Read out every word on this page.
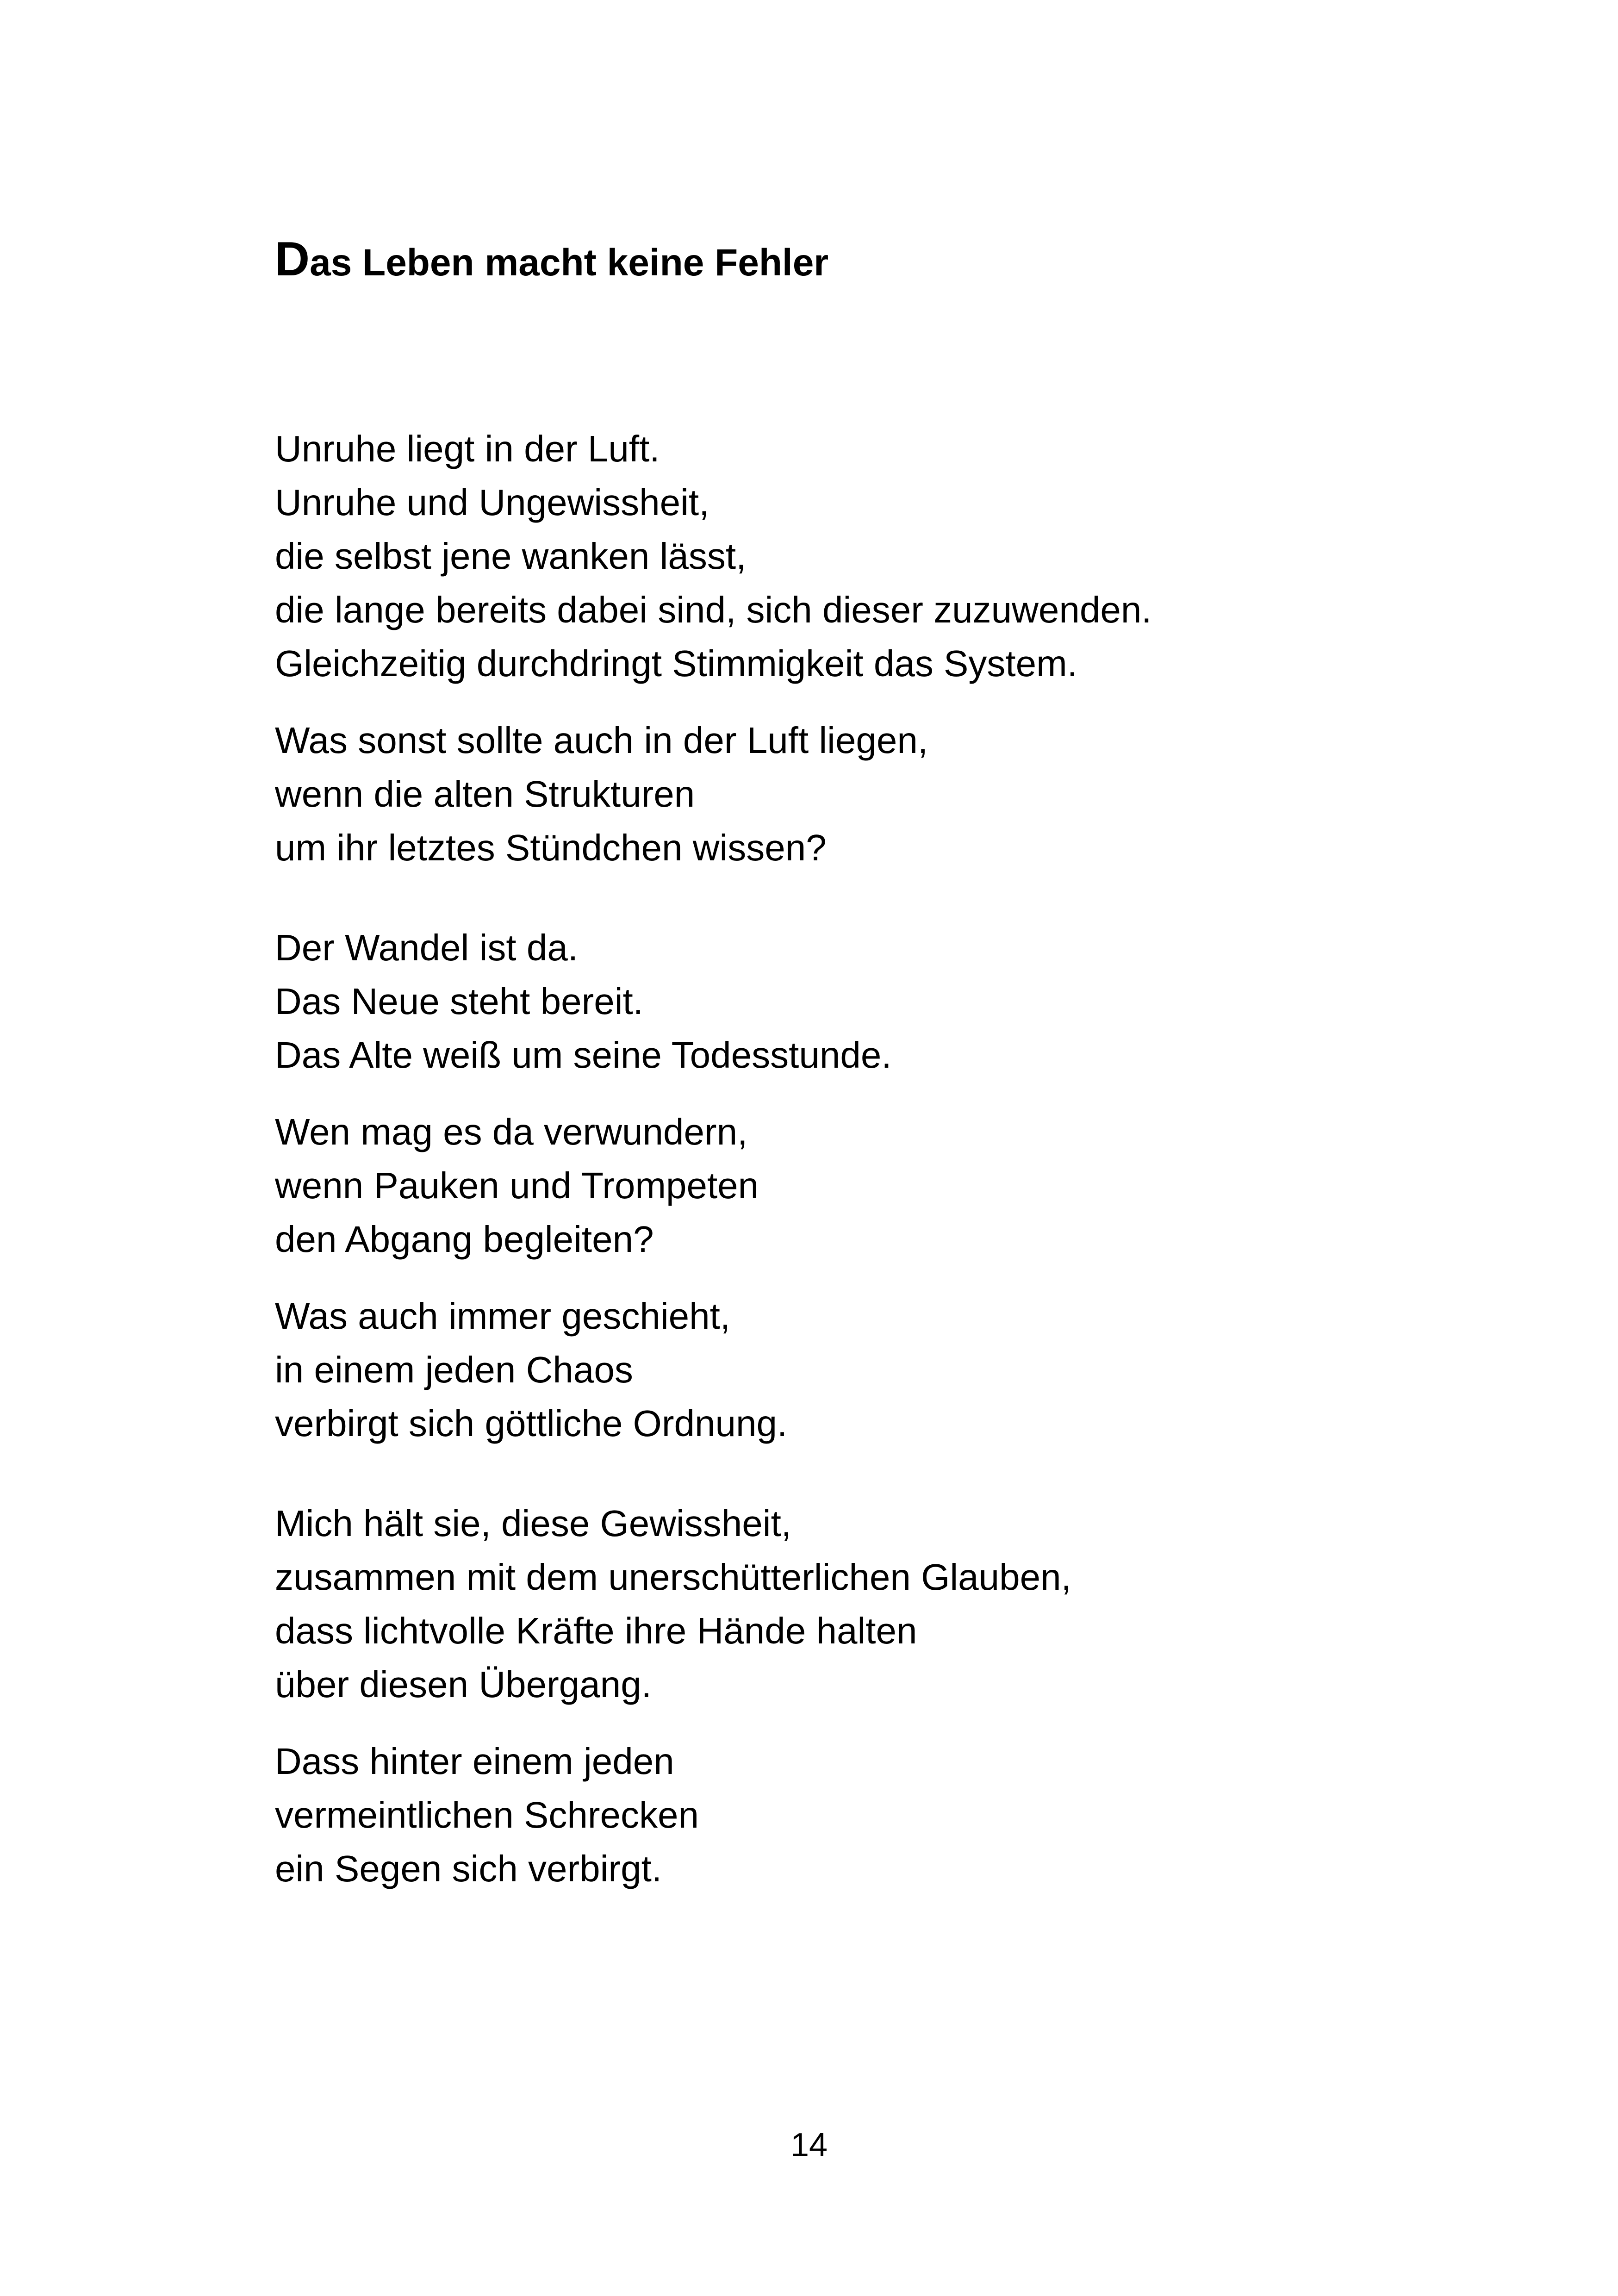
Das Leben macht keine Fehler
Unruhe liegt in der Luft.
Unruhe und Ungewissheit,
die selbst jene wanken lässt,
die lange bereits dabei sind, sich dieser zuzuwenden.
Gleichzeitig durchdringt Stimmigkeit das System.
Was sonst sollte auch in der Luft liegen,
wenn die alten Strukturen
um ihr letztes Stündchen wissen?
Der Wandel ist da.
Das Neue steht bereit.
Das Alte weiß um seine Todesstunde.
Wen mag es da verwundern,
wenn Pauken und Trompeten
den Abgang begleiten?
Was auch immer geschieht,
in einem jeden Chaos
verbirgt sich göttliche Ordnung.
Mich hält sie, diese Gewissheit,
zusammen mit dem unerschütterlichen Glauben,
dass lichtvolle Kräfte ihre Hände halten
über diesen Übergang.
Dass hinter einem jeden
vermeintlichen Schrecken
ein Segen sich verbirgt.
14
